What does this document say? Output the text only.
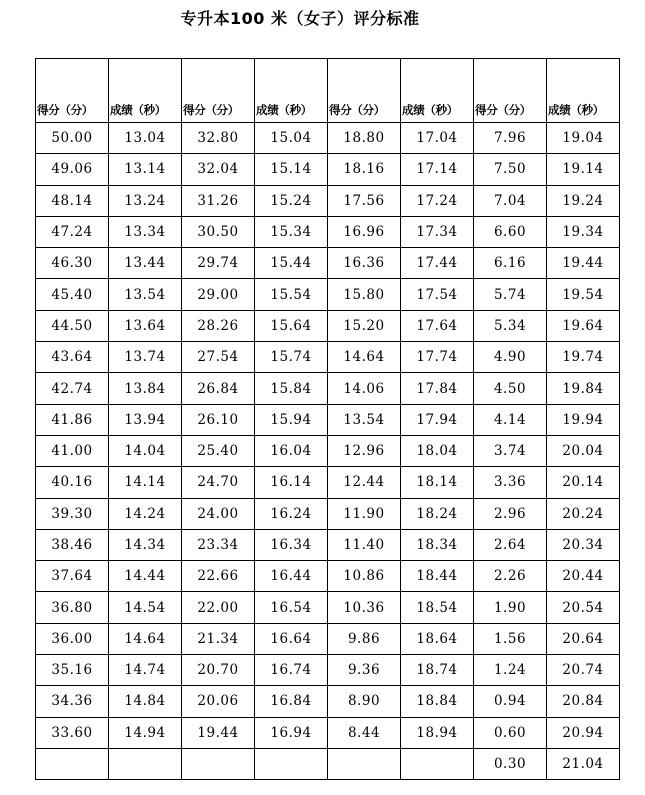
专升本100 米（女子）评分标准
得分（分）	成绩（秒）	得分（分）	成绩（秒）	得分（分）	成绩（秒）	得分（分）	成绩（秒）
50.00	13.04	32.80	15.04	18.80	17.04	7.96	19.04
49.06	13.14	32.04	15.14	18.16	17.14	7.50	19.14
48.14	13.24	31.26	15.24	17.56	17.24	7.04	19.24
47.24	13.34	30.50	15.34	16.96	17.34	6.60	19.34
46.30	13.44	29.74	15.44	16.36	17.44	6.16	19.44
45.40	13.54	29.00	15.54	15.80	17.54	5.74	19.54
44.50	13.64	28.26	15.64	15.20	17.64	5.34	19.64
43.64	13.74	27.54	15.74	14.64	17.74	4.90	19.74
42.74	13.84	26.84	15.84	14.06	17.84	4.50	19.84
41.86	13.94	26.10	15.94	13.54	17.94	4.14	19.94
41.00	14.04	25.40	16.04	12.96	18.04	3.74	20.04
40.16	14.14	24.70	16.14	12.44	18.14	3.36	20.14
39.30	14.24	24.00	16.24	11.90	18.24	2.96	20.24
38.46	14.34	23.34	16.34	11.40	18.34	2.64	20.34
37.64	14.44	22.66	16.44	10.86	18.44	2.26	20.44
36.80	14.54	22.00	16.54	10.36	18.54	1.90	20.54
36.00	14.64	21.34	16.64	9.86	18.64	1.56	20.64
35.16	14.74	20.70	16.74	9.36	18.74	1.24	20.74
34.36	14.84	20.06	16.84	8.90	18.84	0.94	20.84
33.60	14.94	19.44	16.94	8.44	18.94	0.60	20.94
						0.30	21.04
